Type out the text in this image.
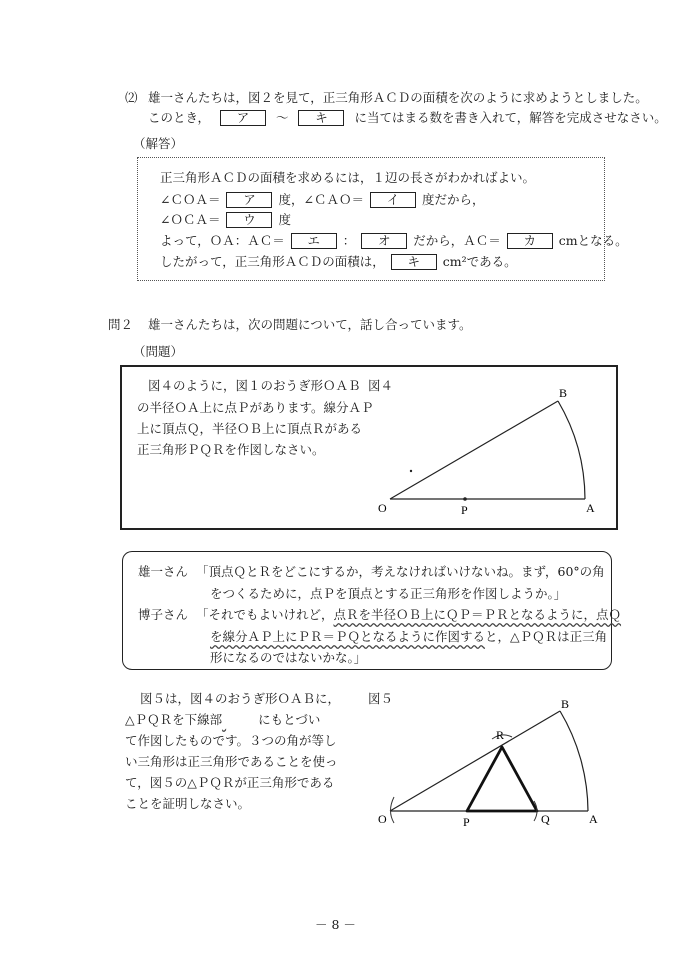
⑵ 雄一さんたちは，図２を見て，正三角形ＡＣＤの面積を次のように求めようとしました。
このとき， ア ～ キ に当てはまる数を書き入れて，解答を完成させなさい。
（解答）
正三角形ＡＣＤの面積を求めるには，１辺の長さがわかればよい。
∠ＣＯＡ＝ ア 度，∠ＣＡＯ＝ イ 度だから，
∠ＯＣＡ＝ ウ 度
よって，ＯＡ：ＡＣ＝ エ ： オ だから，ＡＣ＝ カ cmとなる。
したがって，正三角形ＡＣＤの面積は， キ cm²である。
問２ 雄一さんたちは，次の問題について，話し合っています。
（問題）
図４のように，図１のおうぎ形ＯＡＢ
の半径ＯＡ上に点Ｐがあります。線分ＡＰ
上に頂点Ｑ，半径ＯＢ上に頂点Ｒがある
正三角形ＰＱＲを作図しなさい。
図４	B
O	P	A
雄一さん 「頂点ＱとＲをどこにするか，考えなければいけないね。まず，60°の角
をつくるために，点Ｐを頂点とする正三角形を作図しようか。」
博子さん 「それでもよいけれど，点Ｒを半径ＯＢ上にＱＰ＝ＰＲとなるように，点Ｑ
を線分ＡＰ上にＰＲ＝ＰＱとなるように作図すると，△ＰＱＲは正三角
形になるのではないかな。」
図５は，図４のおうぎ形ＯＡＢに，
△ＰＱＲを下線部	にもとづい
て作図したものです。３つの角が等し
い三角形は正三角形であることを使っ
て，図５の△ＰＱＲが正三角形である
ことを証明しなさい。
図５	B
R
O	P	Q	A
－ 8 －
